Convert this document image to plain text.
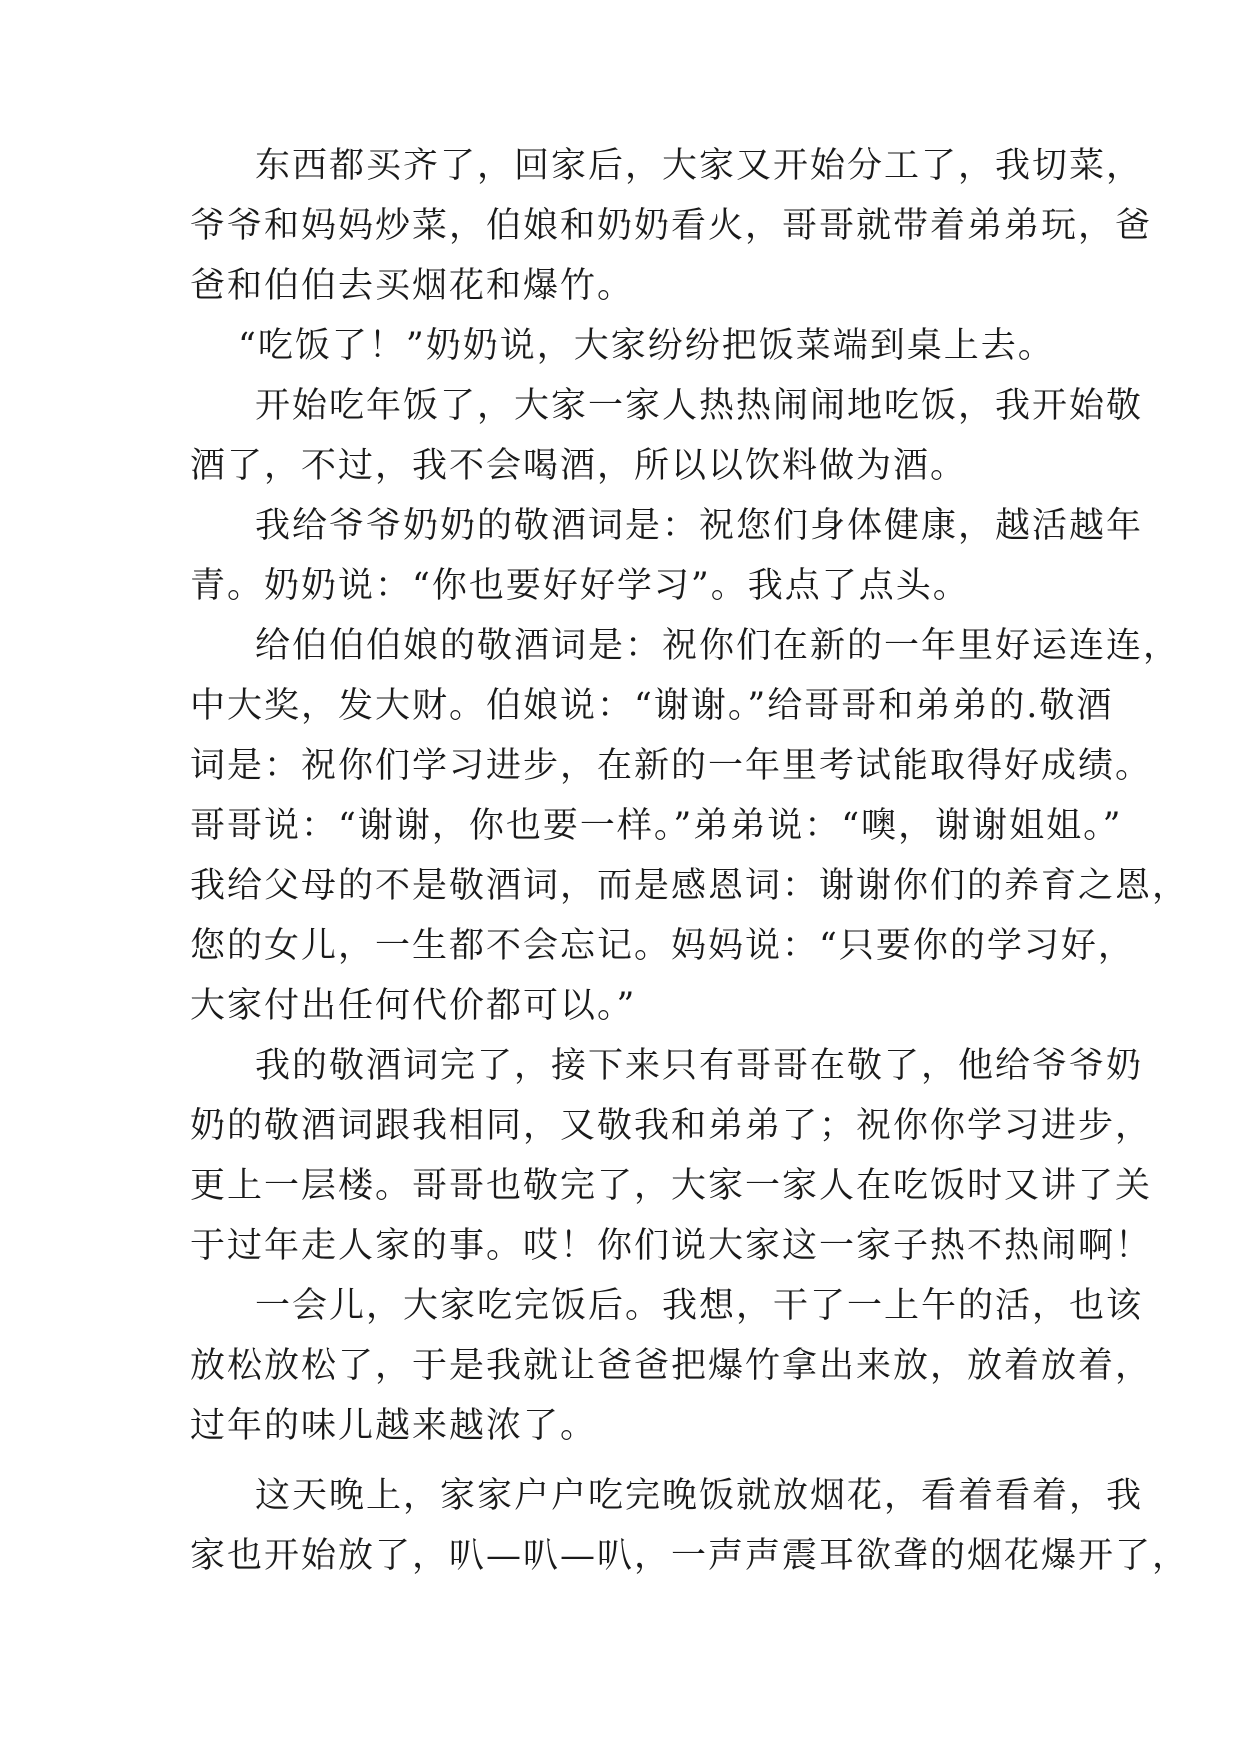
东西都买齐了，回家后，大家又开始分工了，我切菜，
爷爷和妈妈炒菜，伯娘和奶奶看火，哥哥就带着弟弟玩，爸
爸和伯伯去买烟花和爆竹。
“吃饭了！”奶奶说，大家纷纷把饭菜端到桌上去。
开始吃年饭了，大家一家人热热闹闹地吃饭，我开始敬
酒了，不过，我不会喝酒，所以以饮料做为酒。
我给爷爷奶奶的敬酒词是：祝您们身体健康，越活越年
青。奶奶说：“你也要好好学习”。我点了点头。
给伯伯伯娘的敬酒词是：祝你们在新的一年里好运连连，
中大奖，发大财。伯娘说：“谢谢。”给哥哥和弟弟的.敬酒
词是：祝你们学习进步，在新的一年里考试能取得好成绩。
哥哥说：“谢谢，你也要一样。”弟弟说：“噢，谢谢姐姐。”
我给父母的不是敬酒词，而是感恩词：谢谢你们的养育之恩，
您的女儿，一生都不会忘记。妈妈说：“只要你的学习好，
大家付出任何代价都可以。”
我的敬酒词完了，接下来只有哥哥在敬了，他给爷爷奶
奶的敬酒词跟我相同，又敬我和弟弟了；祝你你学习进步，
更上一层楼。哥哥也敬完了，大家一家人在吃饭时又讲了关
于过年走人家的事。哎！你们说大家这一家子热不热闹啊！
一会儿，大家吃完饭后。我想，干了一上午的活，也该
放松放松了，于是我就让爸爸把爆竹拿出来放，放着放着，
过年的味儿越来越浓了。
这天晚上，家家户户吃完晚饭就放烟花，看着看着，我
家也开始放了，叭—叭—叭，一声声震耳欲聋的烟花爆开了，
